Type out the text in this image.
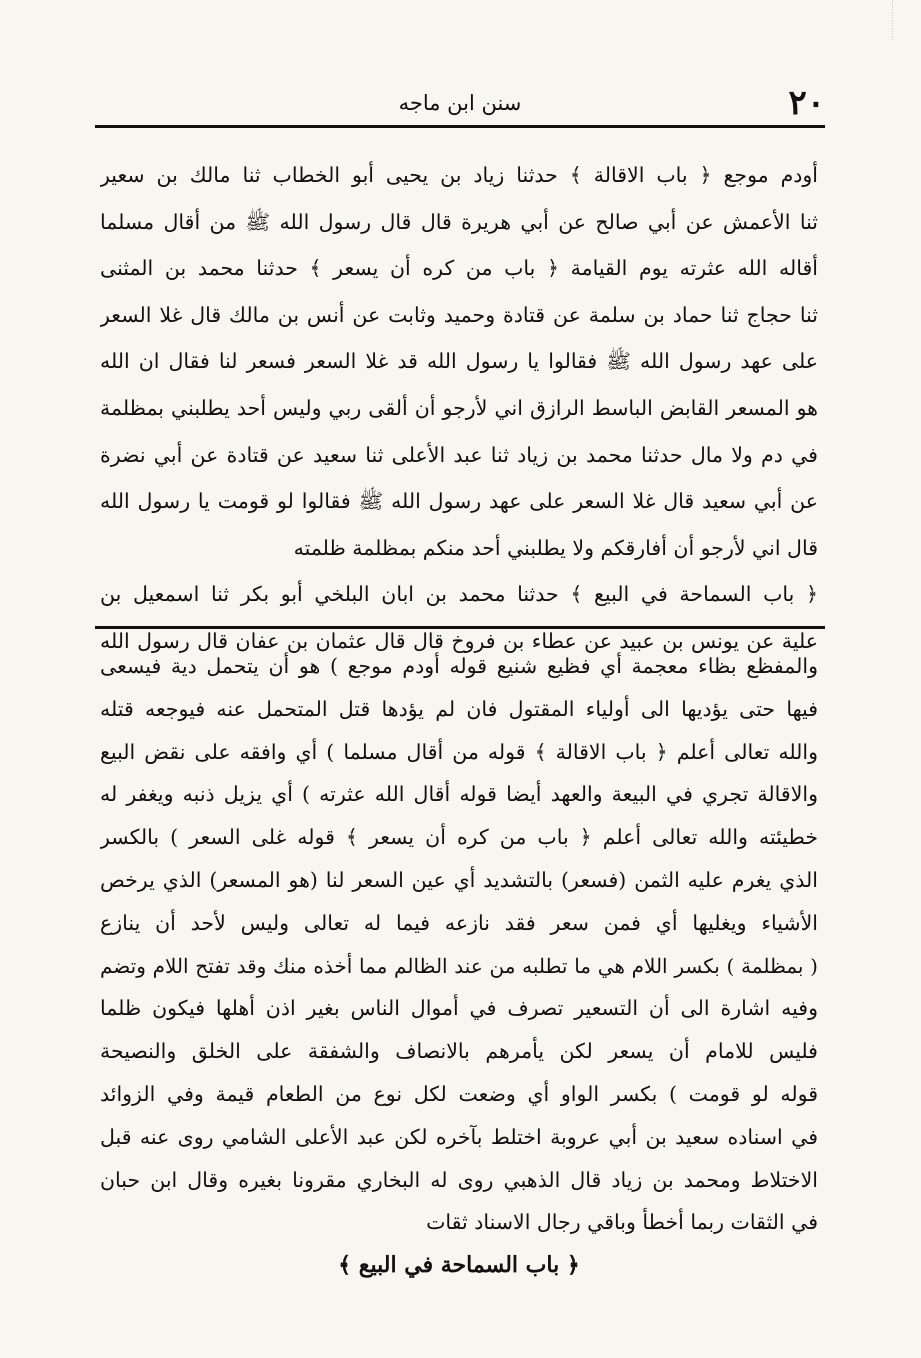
٢٠
سنن ابن ماجه
أودم موجع ﴿ باب الاقالة ﴾ حدثنا زياد بن يحيى أبو الخطاب ثنا مالك بن سعير
ثنا الأعمش عن أبي صالح عن أبي هريرة قال قال رسول الله ﷺ من أقال مسلما
أقاله الله عثرته يوم القيامة ﴿ باب من كره أن يسعر ﴾ حدثنا محمد بن المثنى
ثنا حجاج ثنا حماد بن سلمة عن قتادة وحميد وثابت عن أنس بن مالك قال غلا السعر
على عهد رسول الله ﷺ فقالوا يا رسول الله قد غلا السعر فسعر لنا فقال ان الله
هو المسعر القابض الباسط الرازق اني لأرجو أن ألقى ربي وليس أحد يطلبني بمظلمة
في دم ولا مال حدثنا محمد بن زياد ثنا عبد الأعلى ثنا سعيد عن قتادة عن أبي نضرة
عن أبي سعيد قال غلا السعر على عهد رسول الله ﷺ فقالوا لو قومت يا رسول الله
قال اني لأرجو أن أفارقكم ولا يطلبني أحد منكم بمظلمة ظلمته
﴿ باب السماحة في البيع ﴾ حدثنا محمد بن ابان البلخي أبو بكر ثنا اسمعيل بن
علية عن يونس بن عبيد عن عطاء بن فروخ قال قال عثمان بن عفان قال رسول الله
والمفظع بظاء معجمة أي فظيع شنيع قوله أودم موجع ) هو أن يتحمل دية فيسعى
فيها حتى يؤديها الى أولياء المقتول فان لم يؤدها قتل المتحمل عنه فيوجعه قتله
والله تعالى أعلم ﴿ باب الاقالة ﴾ قوله من أقال مسلما ) أي وافقه على نقض البيع
والاقالة تجري في البيعة والعهد أيضا قوله أقال الله عثرته ) أي يزيل ذنبه ويغفر له
خطيئته والله تعالى أعلم ﴿ باب من كره أن يسعر ﴾ قوله غلى السعر ) بالكسر
الذي يغرم عليه الثمن (فسعر) بالتشديد أي عين السعر لنا (هو المسعر) الذي يرخص
الأشياء ويغليها أي فمن سعر فقد نازعه فيما له تعالى وليس لأحد أن ينازع
( بمظلمة ) بكسر اللام هي ما تطلبه من عند الظالم مما أخذه منك وقد تفتح اللام وتضم
وفيه اشارة الى أن التسعير تصرف في أموال الناس بغير اذن أهلها فيكون ظلما
فليس للامام أن يسعر لكن يأمرهم بالانصاف والشفقة على الخلق والنصيحة
قوله لو قومت ) بكسر الواو أي وضعت لكل نوع من الطعام قيمة وفي الزوائد
في اسناده سعيد بن أبي عروبة اختلط بآخره لكن عبد الأعلى الشامي روى عنه قبل
الاختلاط ومحمد بن زياد قال الذهبي روى له البخاري مقرونا بغيره وقال ابن حبان
في الثقات ربما أخطأ وباقي رجال الاسناد ثقات
﴿ باب السماحة في البيع ﴾
